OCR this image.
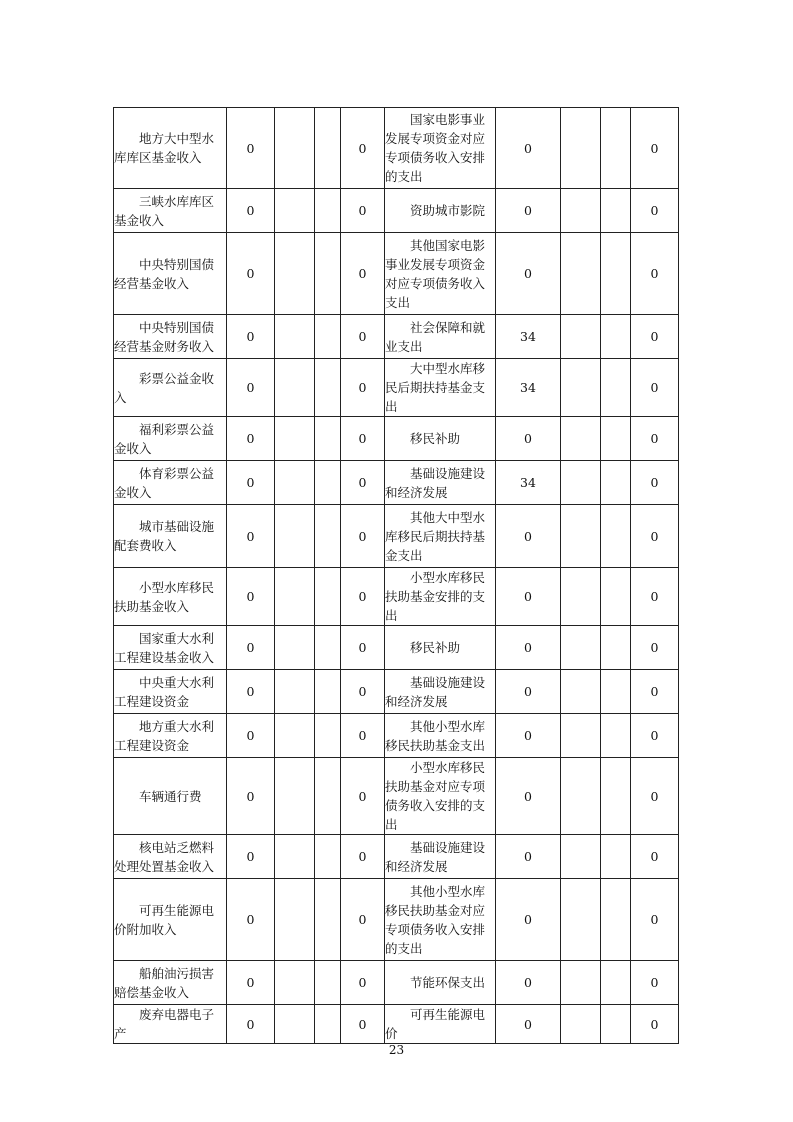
地方大中型水库库区基金收入	0			0	国家电影事业发展专项资金对应专项债务收入安排的支出	0			0

三峡水库库区基金收入	0			0	资助城市影院	0			0

中央特别国债经营基金收入	0			0	其他国家电影事业发展专项资金对应专项债务收入支出	0			0

中央特别国债经营基金财务收入	0			0	社会保障和就业支出	34			0

彩票公益金收入	0			0	大中型水库移民后期扶持基金支出	34			0

福利彩票公益金收入	0			0	移民补助	0			0

体育彩票公益金收入	0			0	基础设施建设和经济发展	34			0

城市基础设施配套费收入	0			0	其他大中型水库移民后期扶持基金支出	0			0

小型水库移民扶助基金收入	0			0	小型水库移民扶助基金安排的支出	0			0

国家重大水利工程建设基金收入	0			0	移民补助	0			0

中央重大水利工程建设资金	0			0	基础设施建设和经济发展	0			0

地方重大水利工程建设资金	0			0	其他小型水库移民扶助基金支出	0			0

车辆通行费	0			0	小型水库移民扶助基金对应专项债务收入安排的支出	0			0

核电站乏燃料处理处置基金收入	0			0	基础设施建设和经济发展	0			0

可再生能源电价附加收入	0			0	其他小型水库移民扶助基金对应专项债务收入安排的支出	0			0

船舶油污损害赔偿基金收入	0			0	节能环保支出	0			0

废弃电器电子产	0			0	可再生能源电价	0			0
23
